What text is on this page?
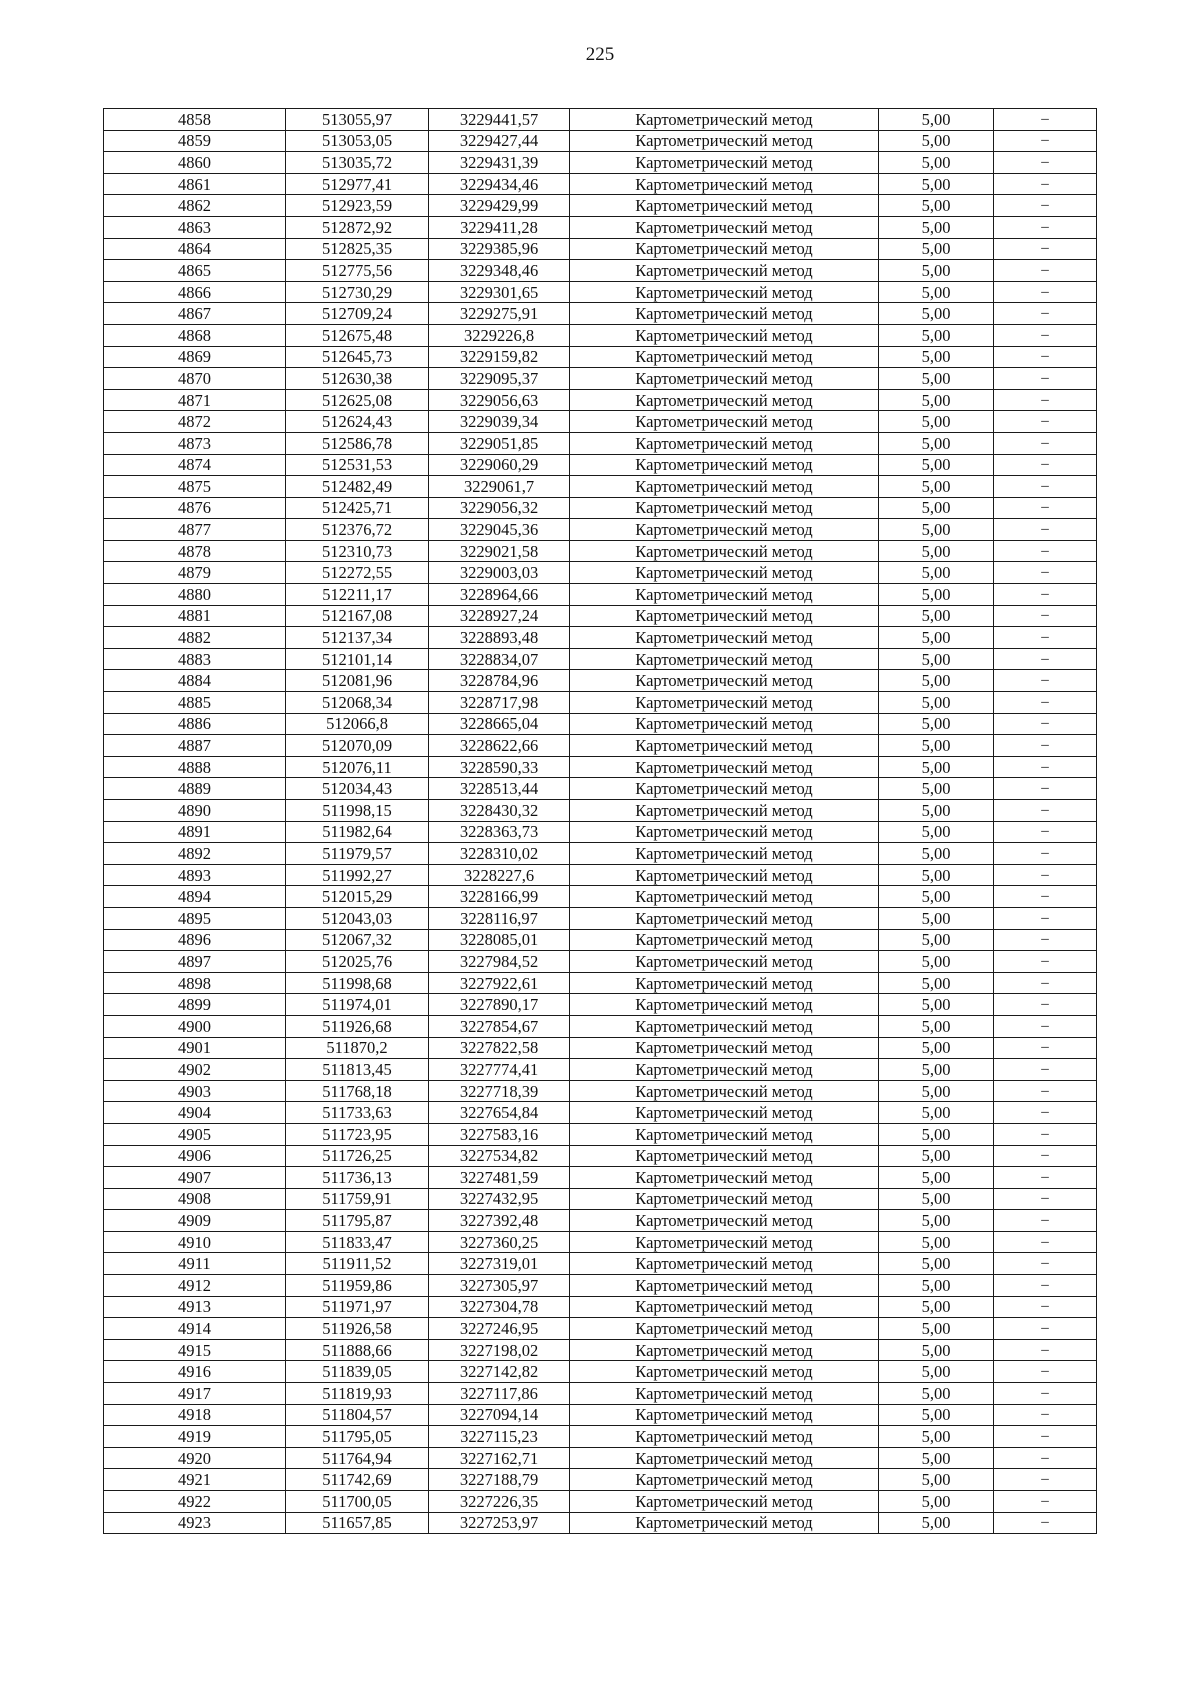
225
4858	513055,97	3229441,57	Картометрический метод	5,00	–
4859	513053,05	3229427,44	Картометрический метод	5,00	–
4860	513035,72	3229431,39	Картометрический метод	5,00	–
4861	512977,41	3229434,46	Картометрический метод	5,00	–
4862	512923,59	3229429,99	Картометрический метод	5,00	–
4863	512872,92	3229411,28	Картометрический метод	5,00	–
4864	512825,35	3229385,96	Картометрический метод	5,00	–
4865	512775,56	3229348,46	Картометрический метод	5,00	–
4866	512730,29	3229301,65	Картометрический метод	5,00	–
4867	512709,24	3229275,91	Картометрический метод	5,00	–
4868	512675,48	3229226,8	Картометрический метод	5,00	–
4869	512645,73	3229159,82	Картометрический метод	5,00	–
4870	512630,38	3229095,37	Картометрический метод	5,00	–
4871	512625,08	3229056,63	Картометрический метод	5,00	–
4872	512624,43	3229039,34	Картометрический метод	5,00	–
4873	512586,78	3229051,85	Картометрический метод	5,00	–
4874	512531,53	3229060,29	Картометрический метод	5,00	–
4875	512482,49	3229061,7	Картометрический метод	5,00	–
4876	512425,71	3229056,32	Картометрический метод	5,00	–
4877	512376,72	3229045,36	Картометрический метод	5,00	–
4878	512310,73	3229021,58	Картометрический метод	5,00	–
4879	512272,55	3229003,03	Картометрический метод	5,00	–
4880	512211,17	3228964,66	Картометрический метод	5,00	–
4881	512167,08	3228927,24	Картометрический метод	5,00	–
4882	512137,34	3228893,48	Картометрический метод	5,00	–
4883	512101,14	3228834,07	Картометрический метод	5,00	–
4884	512081,96	3228784,96	Картометрический метод	5,00	–
4885	512068,34	3228717,98	Картометрический метод	5,00	–
4886	512066,8	3228665,04	Картометрический метод	5,00	–
4887	512070,09	3228622,66	Картометрический метод	5,00	–
4888	512076,11	3228590,33	Картометрический метод	5,00	–
4889	512034,43	3228513,44	Картометрический метод	5,00	–
4890	511998,15	3228430,32	Картометрический метод	5,00	–
4891	511982,64	3228363,73	Картометрический метод	5,00	–
4892	511979,57	3228310,02	Картометрический метод	5,00	–
4893	511992,27	3228227,6	Картометрический метод	5,00	–
4894	512015,29	3228166,99	Картометрический метод	5,00	–
4895	512043,03	3228116,97	Картометрический метод	5,00	–
4896	512067,32	3228085,01	Картометрический метод	5,00	–
4897	512025,76	3227984,52	Картометрический метод	5,00	–
4898	511998,68	3227922,61	Картометрический метод	5,00	–
4899	511974,01	3227890,17	Картометрический метод	5,00	–
4900	511926,68	3227854,67	Картометрический метод	5,00	–
4901	511870,2	3227822,58	Картометрический метод	5,00	–
4902	511813,45	3227774,41	Картометрический метод	5,00	–
4903	511768,18	3227718,39	Картометрический метод	5,00	–
4904	511733,63	3227654,84	Картометрический метод	5,00	–
4905	511723,95	3227583,16	Картометрический метод	5,00	–
4906	511726,25	3227534,82	Картометрический метод	5,00	–
4907	511736,13	3227481,59	Картометрический метод	5,00	–
4908	511759,91	3227432,95	Картометрический метод	5,00	–
4909	511795,87	3227392,48	Картометрический метод	5,00	–
4910	511833,47	3227360,25	Картометрический метод	5,00	–
4911	511911,52	3227319,01	Картометрический метод	5,00	–
4912	511959,86	3227305,97	Картометрический метод	5,00	–
4913	511971,97	3227304,78	Картометрический метод	5,00	–
4914	511926,58	3227246,95	Картометрический метод	5,00	–
4915	511888,66	3227198,02	Картометрический метод	5,00	–
4916	511839,05	3227142,82	Картометрический метод	5,00	–
4917	511819,93	3227117,86	Картометрический метод	5,00	–
4918	511804,57	3227094,14	Картометрический метод	5,00	–
4919	511795,05	3227115,23	Картометрический метод	5,00	–
4920	511764,94	3227162,71	Картометрический метод	5,00	–
4921	511742,69	3227188,79	Картометрический метод	5,00	–
4922	511700,05	3227226,35	Картометрический метод	5,00	–
4923	511657,85	3227253,97	Картометрический метод	5,00	–
